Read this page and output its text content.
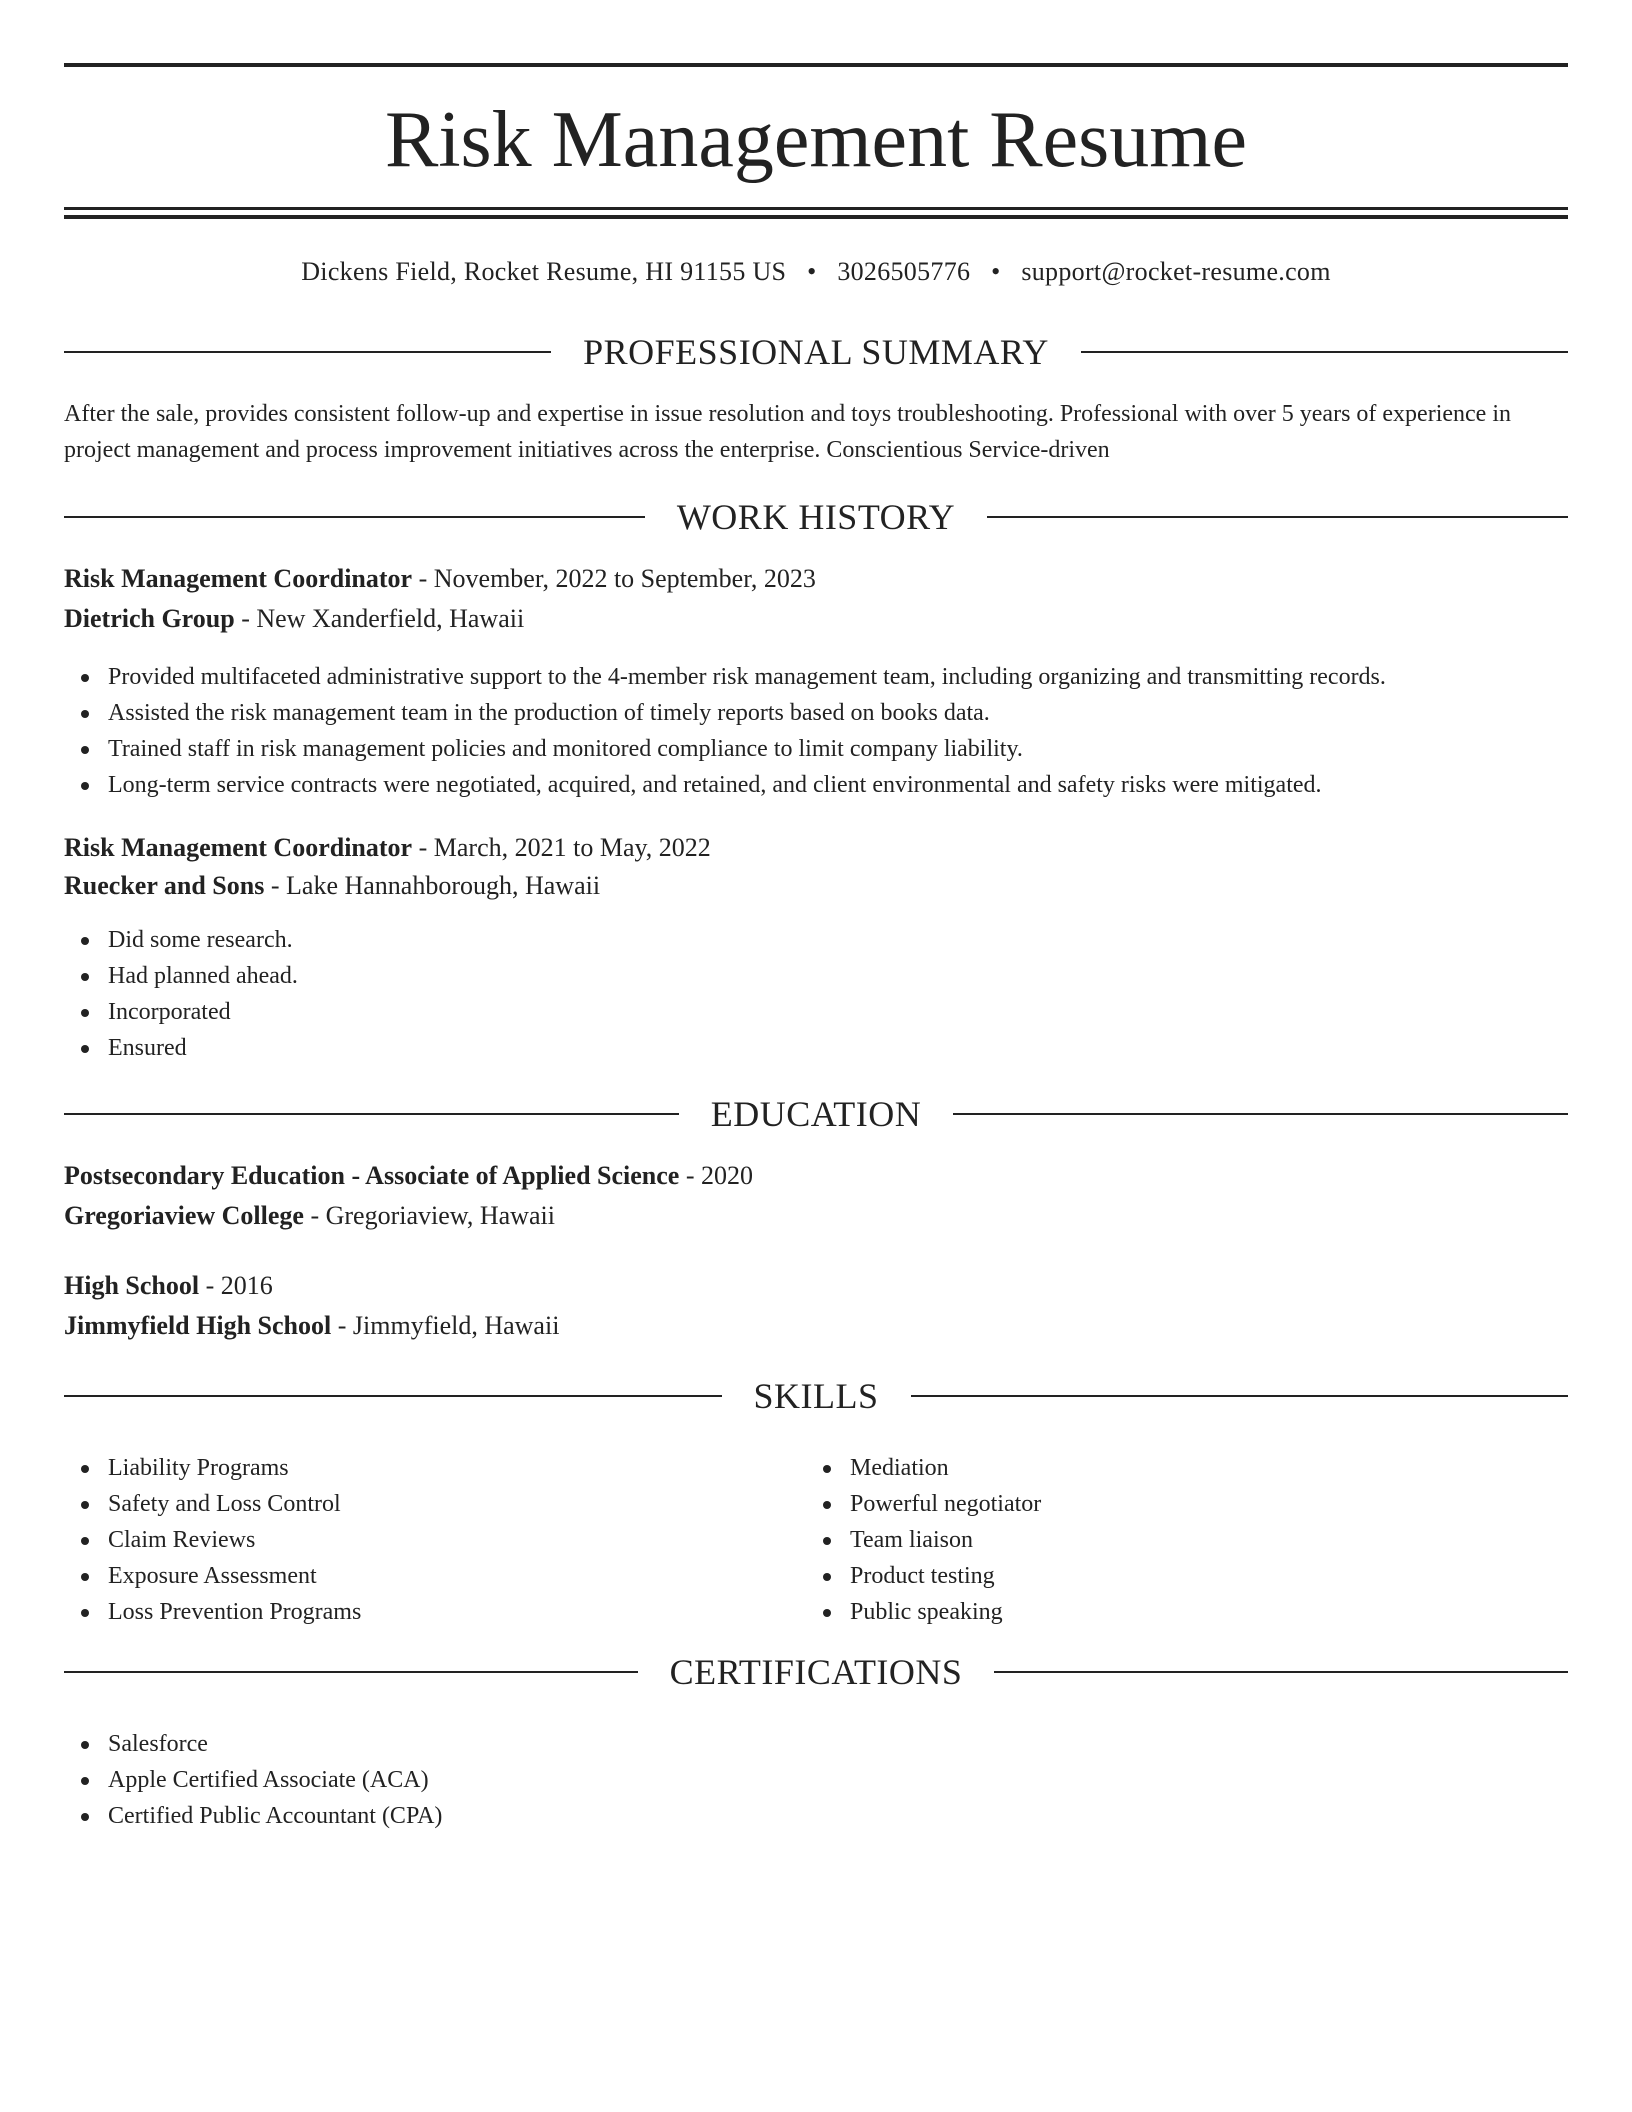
Risk Management Resume
Dickens Field, Rocket Resume, HI 91155 US • 3026505776 • support@rocket-resume.com
PROFESSIONAL SUMMARY

After the sale, provides consistent follow-up and expertise in issue resolution and toys troubleshooting. Professional with over 5 years of experience in project management and process improvement initiatives across the enterprise. Conscientious Service-driven

WORK HISTORY
Risk Management Coordinator - November, 2022 to September, 2023
Dietrich Group - New Xanderfield, Hawaii
Provided multifaceted administrative support to the 4-member risk management team, including organizing and transmitting records.
Assisted the risk management team in the production of timely reports based on books data.
Trained staff in risk management policies and monitored compliance to limit company liability.
Long-term service contracts were negotiated, acquired, and retained, and client environmental and safety risks were mitigated.
Risk Management Coordinator - March, 2021 to May, 2022
Ruecker and Sons - Lake Hannahborough, Hawaii
Did some research.
Had planned ahead.
Incorporated
Ensured
EDUCATION
Postsecondary Education - Associate of Applied Science - 2020
Gregoriaview College - Gregoriaview, Hawaii
High School - 2016
Jimmyfield High School - Jimmyfield, Hawaii
SKILLS
Liability Programs
Safety and Loss Control
Claim Reviews
Exposure Assessment
Loss Prevention Programs
Mediation
Powerful negotiator
Team liaison
Product testing
Public speaking
CERTIFICATIONS
Salesforce
Apple Certified Associate (ACA)
Certified Public Accountant (CPA)
